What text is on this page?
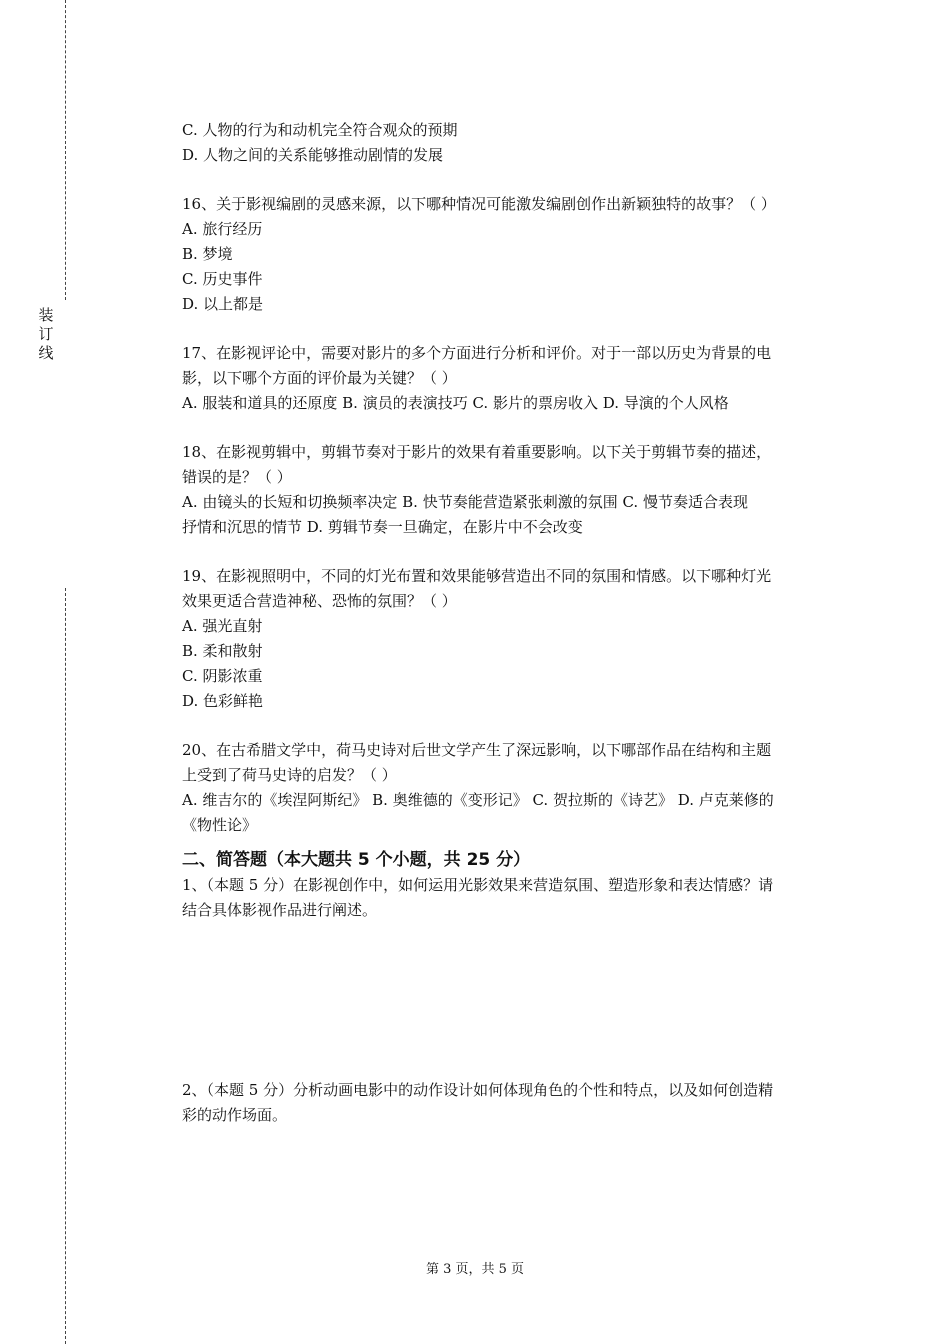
装
订
线
C. 人物的行为和动机完全符合观众的预期
D. 人物之间的关系能够推动剧情的发展
16、关于影视编剧的灵感来源，以下哪种情况可能激发编剧创作出新颖独特的故事？（ ）
A. 旅行经历
B. 梦境
C. 历史事件
D. 以上都是
17、在影视评论中，需要对影片的多个方面进行分析和评价。对于一部以历史为背景的电
影，以下哪个方面的评价最为关键？（ ）
A. 服装和道具的还原度 B. 演员的表演技巧 C. 影片的票房收入 D. 导演的个人风格
18、在影视剪辑中，剪辑节奏对于影片的效果有着重要影响。以下关于剪辑节奏的描述，
错误的是？（ ）
A. 由镜头的长短和切换频率决定 B. 快节奏能营造紧张刺激的氛围 C. 慢节奏适合表现
抒情和沉思的情节 D. 剪辑节奏一旦确定，在影片中不会改变
19、在影视照明中，不同的灯光布置和效果能够营造出不同的氛围和情感。以下哪种灯光
效果更适合营造神秘、恐怖的氛围？（ ）
A. 强光直射
B. 柔和散射
C. 阴影浓重
D. 色彩鲜艳
20、在古希腊文学中，荷马史诗对后世文学产生了深远影响，以下哪部作品在结构和主题
上受到了荷马史诗的启发？（ ）
A. 维吉尔的《埃涅阿斯纪》 B. 奥维德的《变形记》 C. 贺拉斯的《诗艺》 D. 卢克莱修的
《物性论》
二、简答题（本大题共 5 个小题，共 25 分）
1、（本题 5 分）在影视创作中，如何运用光影效果来营造氛围、塑造形象和表达情感？请
结合具体影视作品进行阐述。
2、（本题 5 分）分析动画电影中的动作设计如何体现角色的个性和特点，以及如何创造精
彩的动作场面。
第 3 页，共 5 页
